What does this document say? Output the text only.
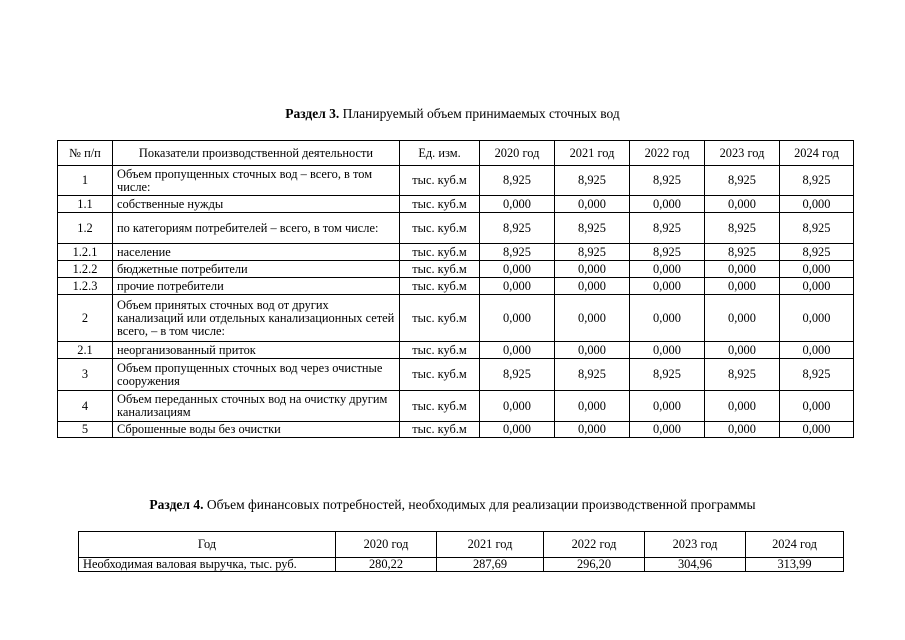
Раздел 3. Планируемый объем принимаемых сточных вод
№ п/п	Показатели производственной деятельности	Ед. изм.	2020 год	2021 год	2022 год	2023 год	2024 год
1	Объем пропущенных сточных вод – всего, в том числе:	тыс. куб.м	8,925	8,925	8,925	8,925	8,925
1.1	собственные нужды	тыс. куб.м	0,000	0,000	0,000	0,000	0,000
1.2	по категориям потребителей – всего, в том числе:	тыс. куб.м	8,925	8,925	8,925	8,925	8,925
1.2.1	население	тыс. куб.м	8,925	8,925	8,925	8,925	8,925
1.2.2	бюджетные потребители	тыс. куб.м	0,000	0,000	0,000	0,000	0,000
1.2.3	прочие потребители	тыс. куб.м	0,000	0,000	0,000	0,000	0,000
2	Объем принятых сточных вод от других канализаций или отдельных канализационных сетей всего, – в том числе:	тыс. куб.м	0,000	0,000	0,000	0,000	0,000
2.1	неорганизованный приток	тыс. куб.м	0,000	0,000	0,000	0,000	0,000
3	Объем пропущенных сточных вод через очистные сооружения	тыс. куб.м	8,925	8,925	8,925	8,925	8,925
4	Объем переданных сточных вод на очистку другим канализациям	тыс. куб.м	0,000	0,000	0,000	0,000	0,000
5	Сброшенные воды без очистки	тыс. куб.м	0,000	0,000	0,000	0,000	0,000
Раздел 4. Объем финансовых потребностей, необходимых для реализации производственной программы
Год	2020 год	2021 год	2022 год	2023 год	2024 год
Необходимая валовая выручка, тыс. руб.	280,22	287,69	296,20	304,96	313,99
